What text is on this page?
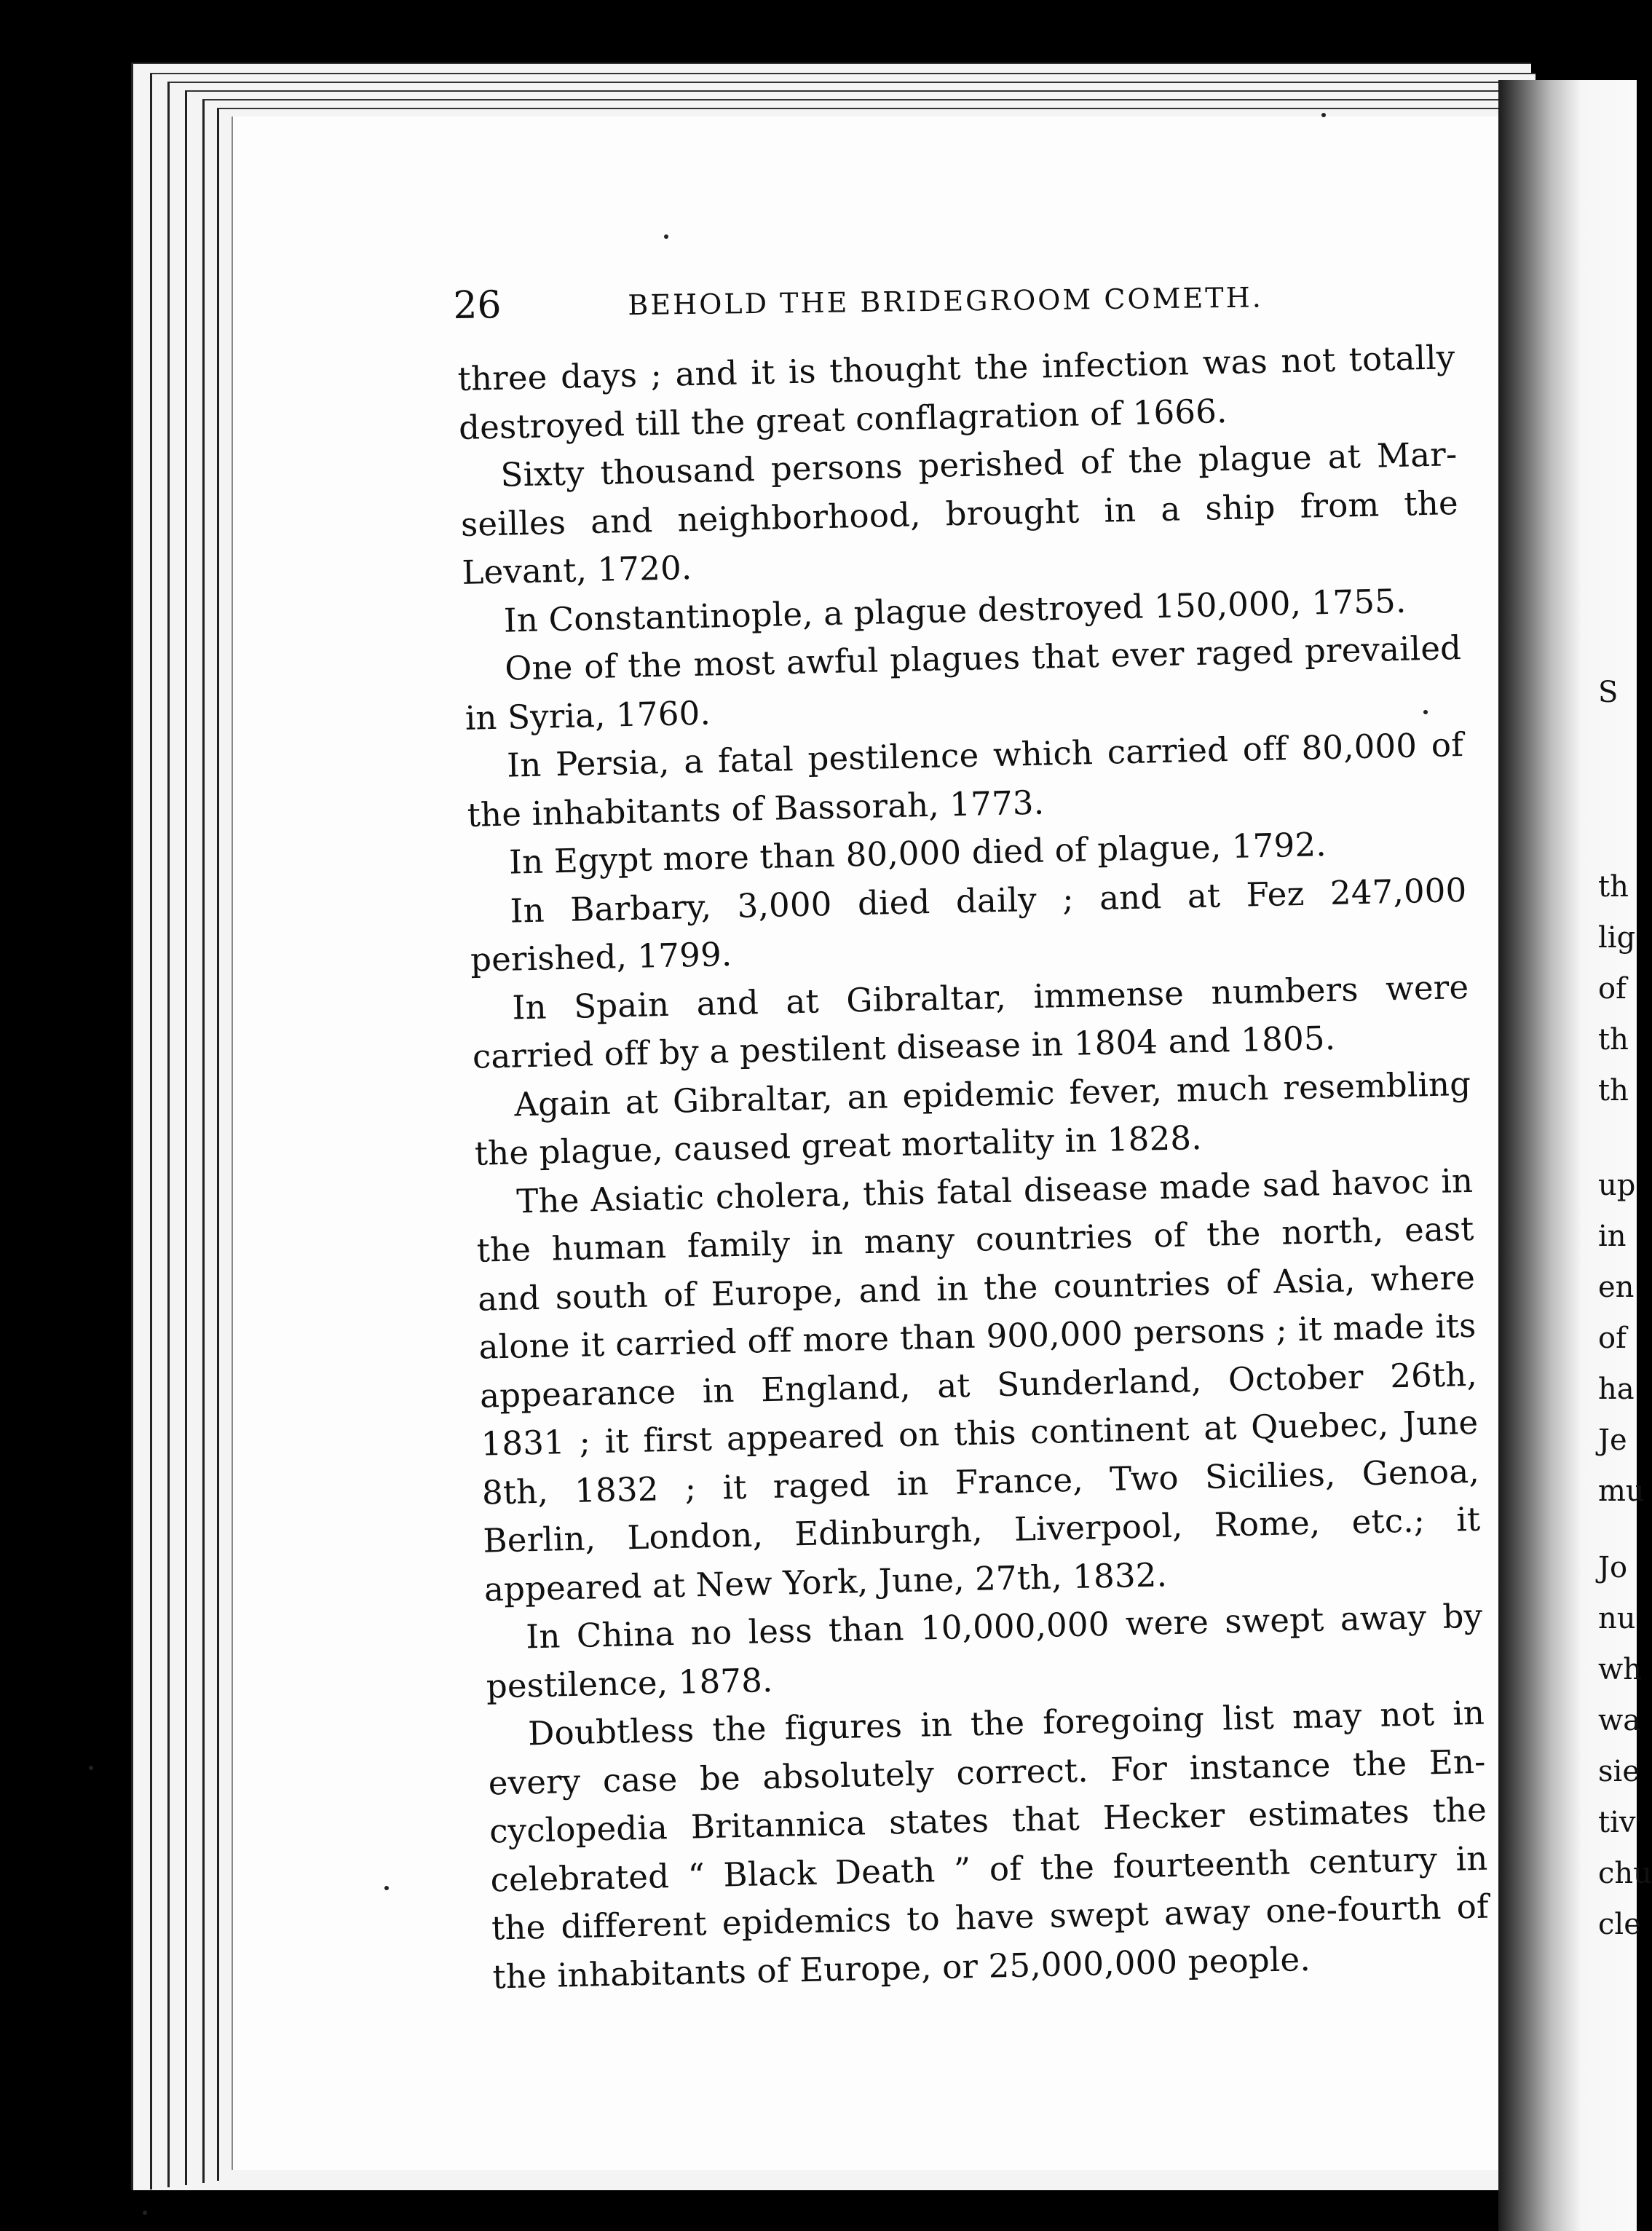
26	BEHOLD THE BRIDEGROOM COMETH.
three days ; and it is thought the infection was not totally
destroyed till the great conflagration of 1666.
Sixty thousand persons perished of the plague at Mar-
seilles and neighborhood, brought in a ship from the
Levant, 1720.
In Constantinople, a plague destroyed 150,000, 1755.
One of the most awful plagues that ever raged prevailed
in Syria, 1760.
In Persia, a fatal pestilence which carried off 80,000 of
the inhabitants of Bassorah, 1773.
In Egypt more than 80,000 died of plague, 1792.
In Barbary, 3,000 died daily ; and at Fez 247,000
perished, 1799.
In Spain and at Gibraltar, immense numbers were
carried off by a pestilent disease in 1804 and 1805.
Again at Gibraltar, an epidemic fever, much resembling
the plague, caused great mortality in 1828.
The Asiatic cholera, this fatal disease made sad havoc in
the human family in many countries of the north, east
and south of Europe, and in the countries of Asia, where
alone it carried off more than 900,000 persons ; it made its
appearance in England, at Sunderland, October 26th,
1831 ; it first appeared on this continent at Quebec, June
8th, 1832 ; it raged in France, Two Sicilies, Genoa,
Berlin, London, Edinburgh, Liverpool, Rome, etc.; it
appeared at New York, June, 27th, 1832.
In China no less than 10,000,000 were swept away by
pestilence, 1878.
Doubtless the figures in the foregoing list may not in
every case be absolutely correct. For instance the En-
cyclopedia Britannica states that Hecker estimates the
celebrated “ Black Death ” of the fourteenth century in
the different epidemics to have swept away one-fourth of
the inhabitants of Europe, or 25,000,000 people.
S
th
lig
of
th
th
up
in
en
of
ha
Je
mu
Jo
nu
wh
wa
sie
tiv
chu
cle
